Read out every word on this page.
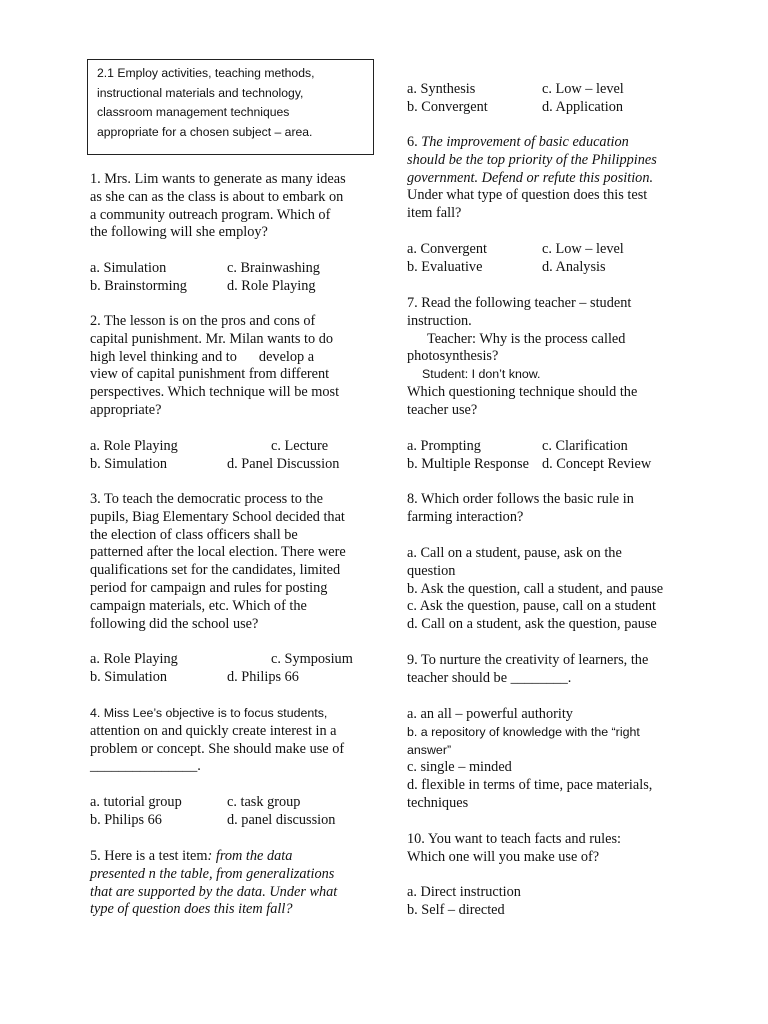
2.1 Employ activities, teaching methods,

instructional materials and technology,

classroom management techniques

appropriate for a chosen subject – area.

1. Mrs. Lim wants to generate as many ideas

as she can as the class is about to embark on

a community outreach program. Which of

the following will she employ?

a. Simulation	c. Brainwashing
b. Brainstorming	d. Role Playing

2. The lesson is on the pros and cons of

capital punishment. Mr. Milan wants to do

high level thinking and to develop a

view of capital punishment from different

perspectives. Which technique will be most

appropriate?

a. Role Playing	c. Lecture
b. Simulation	d. Panel Discussion

3. To teach the democratic process to the

pupils, Biag Elementary School decided that

the election of class officers shall be

patterned after the local election. There were

qualifications set for the candidates, limited

period for campaign and rules for posting

campaign materials, etc. Which of the

following did the school use?

a. Role Playing	c. Symposium
b. Simulation	d. Philips 66

4. Miss Lee’s objective is to focus students,

attention on and quickly create interest in a

problem or concept. She should make use of

_______________.

a. tutorial group	c. task group
b. Philips 66	d. panel discussion

5. Here is a test item: from the data

presented n the table, from generalizations

that are supported by the data. Under what

type of question does this item fall?

a. Synthesis	c. Low – level
b. Convergent	d. Application

6. The improvement of basic education

should be the top priority of the Philippines

government. Defend or refute this position.

Under what type of question does this test

item fall?

a. Convergent	c. Low – level
b. Evaluative	d. Analysis

7. Read the following teacher – student

instruction.

Teacher: Why is the process called

photosynthesis?

Student: I don’t know.

Which questioning technique should the

teacher use?

a. Prompting	c. Clarification
b. Multiple Response d. Concept Review

8. Which order follows the basic rule in

farming interaction?

a. Call on a student, pause, ask on the

question

b. Ask the question, call a student, and pause

c. Ask the question, pause, call on a student

d. Call on a student, ask the question, pause

9. To nurture the creativity of learners, the

teacher should be ________.

a. an all – powerful authority

b. a repository of knowledge with the “right

answer”

c. single – minded

d. flexible in terms of time, pace materials,

techniques

10. You want to teach facts and rules:

Which one will you make use of?

a. Direct instruction

b. Self – directed
